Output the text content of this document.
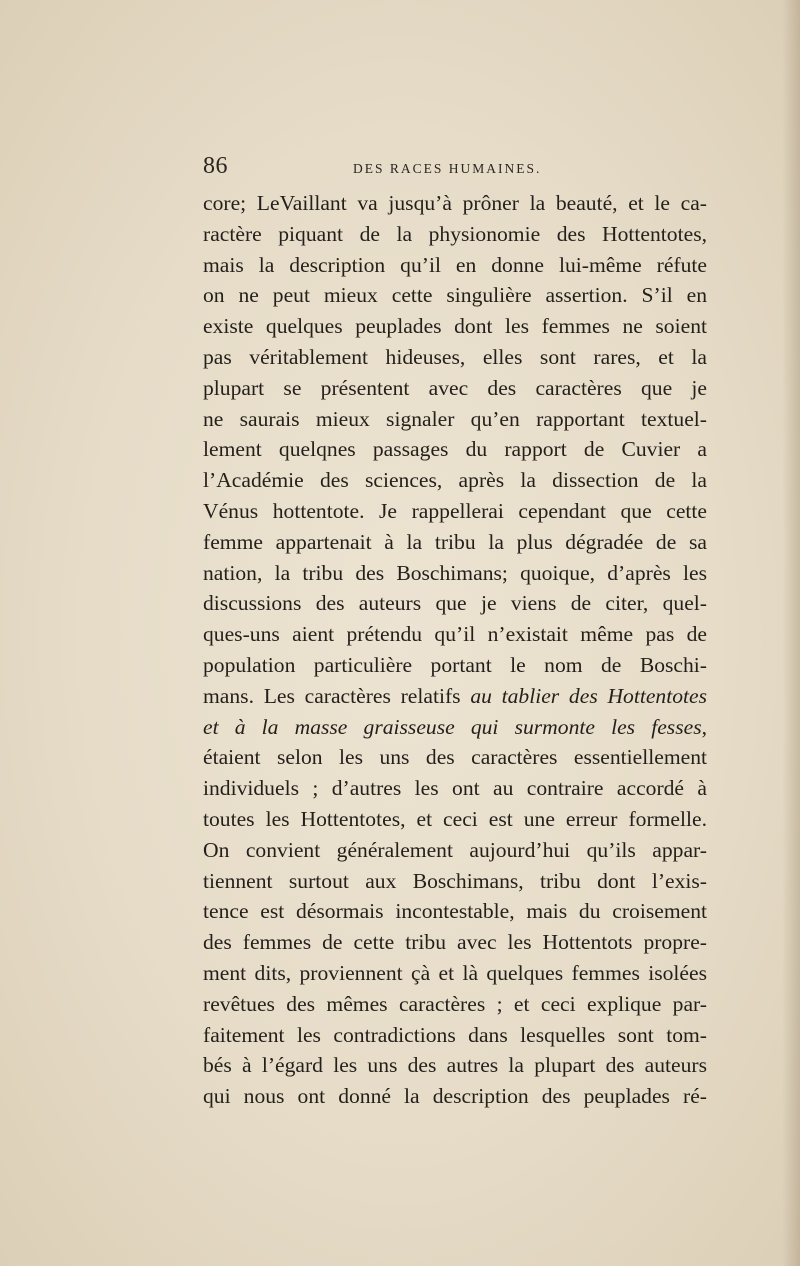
86	DES RACES HUMAINES.
core; LeVaillant va jusqu’à prôner la beauté, et le ca-
ractère piquant de la physionomie des Hottentotes,
mais la description qu’il en donne lui-même réfute
on ne peut mieux cette singulière assertion. S’il en
existe quelques peuplades dont les femmes ne soient
pas véritablement hideuses, elles sont rares, et la
plupart se présentent avec des caractères que je
ne saurais mieux signaler qu’en rapportant textuel-
lement quelqnes passages du rapport de Cuvier a
l’Académie des sciences, après la dissection de la
Vénus hottentote. Je rappellerai cependant que cette
femme appartenait à la tribu la plus dégradée de sa
nation, la tribu des Boschimans; quoique, d’après les
discussions des auteurs que je viens de citer, quel-
ques-uns aient prétendu qu’il n’existait même pas de
population particulière portant le nom de Boschi-
mans. Les caractères relatifs au tablier des Hottentotes
et à la masse graisseuse qui surmonte les fesses,
étaient selon les uns des caractères essentiellement
individuels ; d’autres les ont au contraire accordé à
toutes les Hottentotes, et ceci est une erreur formelle.
On convient généralement aujourd’hui qu’ils appar-
tiennent surtout aux Boschimans, tribu dont l’exis-
tence est désormais incontestable, mais du croisement
des femmes de cette tribu avec les Hottentots propre-
ment dits, proviennent çà et là quelques femmes isolées
revêtues des mêmes caractères ; et ceci explique par-
faitement les contradictions dans lesquelles sont tom-
bés à l’égard les uns des autres la plupart des auteurs
qui nous ont donné la description des peuplades ré-
